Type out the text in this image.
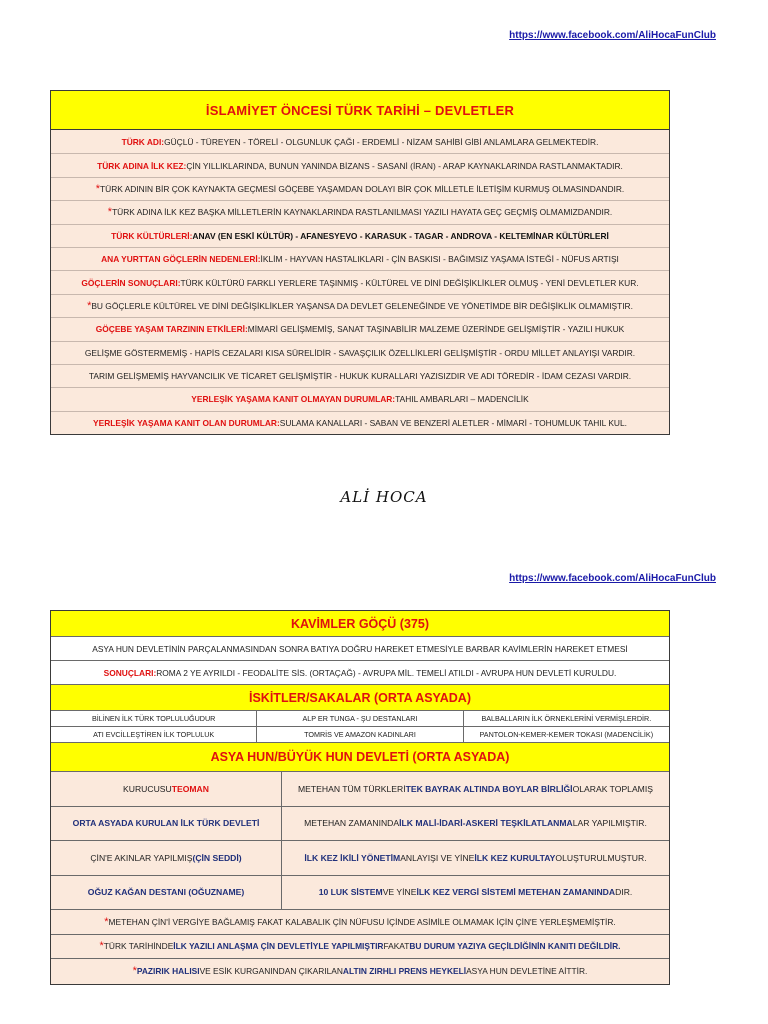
https://www.facebook.com/AliHocaFunClub
İSLAMİYET ÖNCESİ TÜRK TARİHİ – DEVLETLER
TÜRK ADI: GÜÇLÜ - TÜREYEN - TÖRELİ - OLGUNLUK ÇAĞI - ERDEMLİ - NİZAM SAHİBİ GİBİ ANLAMLARA GELMEKTEDİR.
TÜRK ADINA İLK KEZ: ÇİN YILLIKLARINDA, BUNUN YANINDA BİZANS - SASANİ (İRAN) - ARAP KAYNAKLARINDA RASTLANMAKTADIR.
* TÜRK ADININ BİR ÇOK KAYNAKTA GEÇMESİ GÖÇEBE YAŞAMDAN DOLAYI BİR ÇOK MİLLETLE İLETİŞİM KURMUŞ OLMASINDANDIR.
* TÜRK ADINA İLK KEZ BAŞKA MİLLETLERİN KAYNAKLARINDA RASTLANILMASI YAZILI HAYATA GEÇ GEÇMİŞ OLMAMIZDANDIR.
TÜRK KÜLTÜRLERİ: ANAV (EN ESKİ KÜLTÜR) - AFANESYEVO - KARASUK - TAGAR - ANDROVA - KELTEMİNAR KÜLTÜRLERİ
ANA YURTTAN GÖÇLERİN NEDENLERİ: İKLİM - HAYVAN HASTALIKLARI - ÇİN BASKISI - BAĞIMSIZ YAŞAMA İSTEĞİ - NÜFUS ARTIŞI
GÖÇLERİN SONUÇLARI: TÜRK KÜLTÜRÜ FARKLI YERLERE TAŞINMIŞ - KÜLTÜREL VE DİNİ DEĞİŞİKLİKLER OLMUŞ - YENİ DEVLETLER KUR.
* BU GÖÇLERLE KÜLTÜREL VE DİNİ DEĞİŞİKLİKLER YAŞANSA DA DEVLET GELENEĞİNDE VE YÖNETİMDE BİR DEĞİŞİKLİK OLMAMIŞTIR.
GÖÇEBE YAŞAM TARZININ ETKİLERİ: MİMARİ GELİŞMEMİŞ, SANAT TAŞINABİLİR MALZEME ÜZERİNDE GELİŞMİŞTİR - YAZILI HUKUK
GELİŞME GÖSTERMEMİŞ - HAPİS CEZALARI KISA SÜRELİDİR - SAVAŞÇILIK ÖZELLİKLERİ GELİŞMİŞTİR - ORDU MİLLET ANLAYIŞI VARDIR.
TARIM GELİŞMEMİŞ HAYVANCILIK VE TİCARET GELİŞMİŞTİR - HUKUK KURALLARI YAZISIZDIR VE ADI TÖREDİR - İDAM CEZASI VARDIR.
YERLEŞİK YAŞAMA KANIT OLMAYAN DURUMLAR: TAHIL AMBARLARI – MADENCİLİK
YERLEŞİK YAŞAMA KANIT OLAN DURUMLAR: SULAMA KANALLARI - SABAN VE BENZERİ ALETLER - MİMARİ - TOHUMLUK TAHIL KUL.
ALİ HOCA
https://www.facebook.com/AliHocaFunClub
KAVİMLER GÖÇÜ (375)
ASYA HUN DEVLETİNİN PARÇALANMASINDAN SONRA BATIYA DOĞRU HAREKET ETMESİYLE BARBAR KAVİMLERİN HAREKET ETMESİ
SONUÇLARI: ROMA 2 YE AYRILDI - FEODALİTE SİS. (ORTAÇAĞ) - AVRUPA MİL. TEMELİ ATILDI - AVRUPA HUN DEVLETİ KURULDU.
İSKİTLER/SAKALAR (ORTA ASYADA)
BİLİNEN İLK TÜRK TOPLULUĞUDUR	ALP ER TUNGA - ŞU DESTANLARI	BALBALLARIN İLK ÖRNEKLERİNİ VERMİŞLERDİR.
ATI EVCİLLEŞTİREN İLK TOPLULUK	TOMRİS VE AMAZON KADINLARI	PANTOLON-KEMER-KEMER TOKASI (MADENCİLİK)
ASYA HUN/BÜYÜK HUN DEVLETİ (ORTA ASYADA)
KURUCUSU TEOMAN	METEHAN TÜM TÜRKLERİ TEK BAYRAK ALTINDA BOYLAR BİRLİĞİ OLARAK TOPLAMIŞ
ORTA ASYADA KURULAN İLK TÜRK DEVLETİ	METEHAN ZAMANINDA İLK MALİ-İDARİ-ASKERİ TEŞKİLATLANMA LAR YAPILMIŞTIR.
ÇİN'E AKINLAR YAPILMIŞ (ÇİN SEDDİ)	İLK KEZ İKİLİ YÖNETİM ANLAYIŞI VE YİNE İLK KEZ KURULTAY OLUŞTURULMUŞTUR.
OĞUZ KAĞAN DESTANI (OĞUZNAME)	10 LUK SİSTEM VE YİNE İLK KEZ VERGİ SİSTEMİ METEHAN ZAMANINDA DIR.
* METEHAN ÇİN'İ VERGİYE BAĞLAMIŞ FAKAT KALABALIK ÇİN NÜFUSU İÇİNDE ASİMİLE OLMAMAK İÇİN ÇİN'E YERLEŞMEMİŞTİR.
* TÜRK TARİHİNDE İLK YAZILI ANLAŞMA ÇİN DEVLETİYLE YAPILMIŞTIR FAKAT BU DURUM YAZIYA GEÇİLDİĞİNİN KANITI DEĞİLDİR.
* PAZIRIK HALISI VE ESİK KURGANINDAN ÇIKARILAN ALTIN ZIRHLI PRENS HEYKELİ ASYA HUN DEVLETİNE AİTTİR.
